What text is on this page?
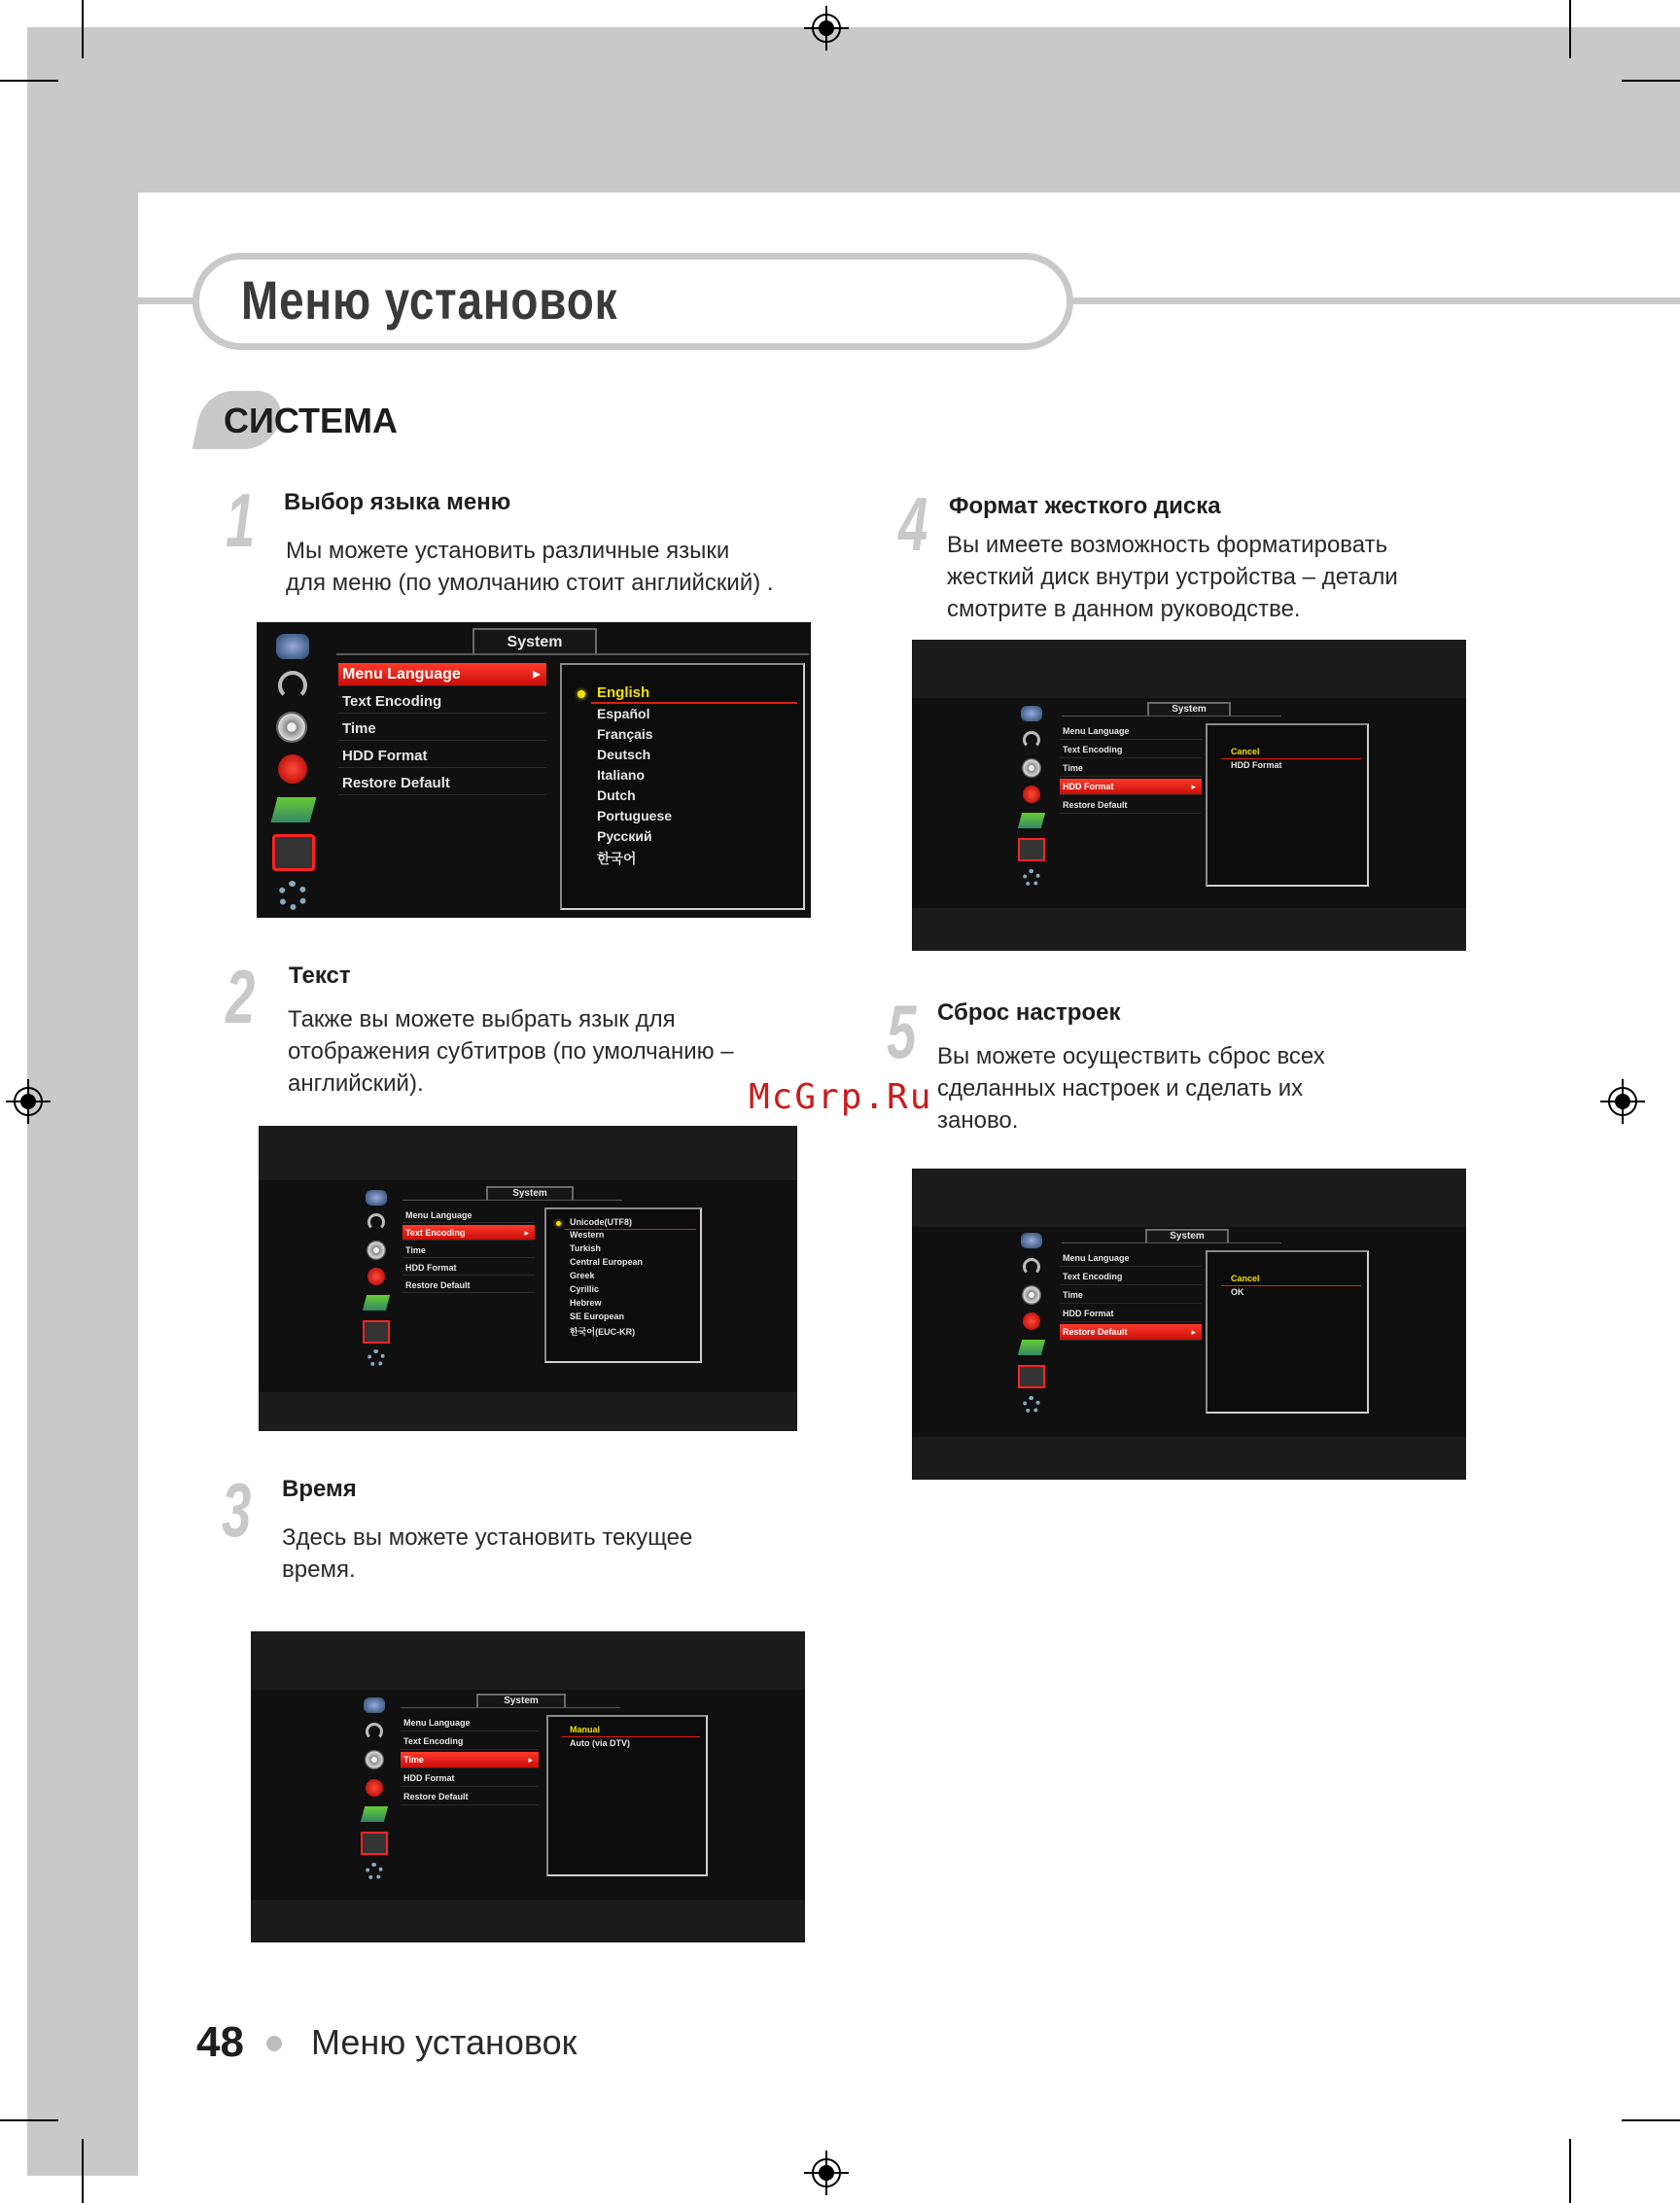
Меню установок
СИСТЕМА
1 Выбор языка меню
Мы можете установить различные языки
для меню (по умолчанию стоит английский) .
2 Текст
Также вы можете выбрать язык для
отображения субтитров (по умолчанию –
английский).
3 Время
Здесь вы можете установить текущее
время.
4 Формат жесткого диска
Вы имеете возможность форматировать
жесткий диск внутри устройства – детали
смотрите в данном руководстве.
5 Сброс настроек
Вы можете осуществить сброс всех
сделанных настроек и сделать их
заново.
System
Menu Language ▸
Text Encoding
Time
HDD Format
Restore Default
English
Español
Français
Deutsch
Italiano
Dutch
Portuguese
Русский
한국어
System
Menu Language
Text Encoding ▸
Time
HDD Format
Restore Default
Unicode(UTF8)
Western
Turkish
Central European
Greek
Cyrillic
Hebrew
SE European
한국어(EUC-KR)
System
Menu Language
Text Encoding
Time ▸
HDD Format
Restore Default
Manual
Auto (via DTV)
System
Menu Language
Text Encoding
Time
HDD Format ▸
Restore Default
Cancel
HDD Format
System
Menu Language
Text Encoding
Time
HDD Format
Restore Default ▸
Cancel
OK
McGrp.Ru
48 Меню установок
